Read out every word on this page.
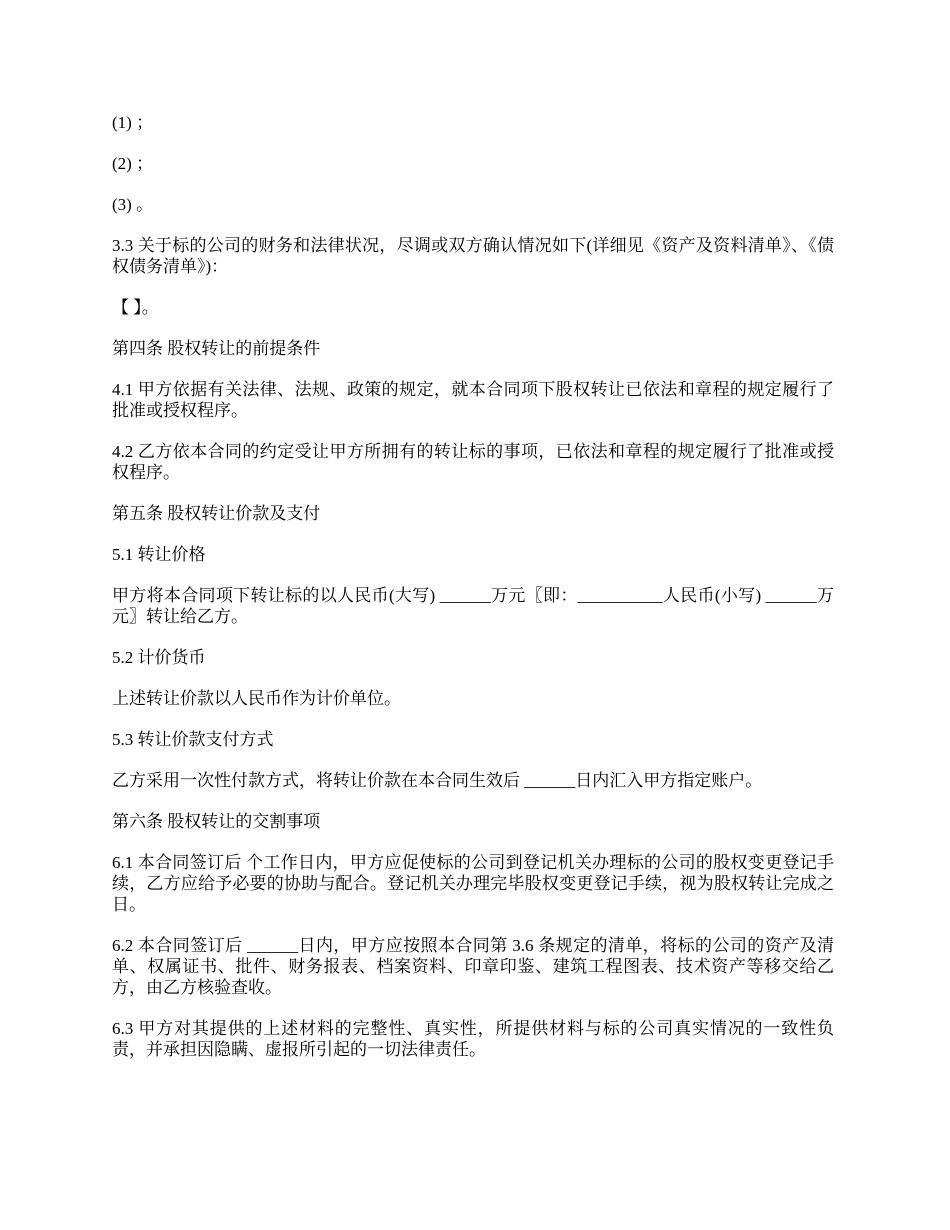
(1) ；

(2) ；

(3) 。

3.3 关于标的公司的财务和法律状况，尽调或双方确认情况如下(详细见《资产及资料清单》、《债权债务清单》)：

【 】。

第四条 股权转让的前提条件

4.1 甲方依据有关法律、法规、政策的规定，就本合同项下股权转让已依法和章程的规定履行了批准或授权程序。

4.2 乙方依本合同的约定受让甲方所拥有的转让标的事项，已依法和章程的规定履行了批准或授权程序。

第五条 股权转让价款及支付

5.1 转让价格

甲方将本合同项下转让标的以人民币(大写) ______万元〖即：__________人民币(小写) ______万元〗转让给乙方。

5.2 计价货币

上述转让价款以人民币作为计价单位。

5.3 转让价款支付方式

乙方采用一次性付款方式，将转让价款在本合同生效后 ______日内汇入甲方指定账户。

第六条 股权转让的交割事项

6.1 本合同签订后 个工作日内，甲方应促使标的公司到登记机关办理标的公司的股权变更登记手续，乙方应给予必要的协助与配合。登记机关办理完毕股权变更登记手续，视为股权转让完成之日。

6.2 本合同签订后 ______日内，甲方应按照本合同第 3.6 条规定的清单，将标的公司的资产及清单、权属证书、批件、财务报表、档案资料、印章印鉴、建筑工程图表、技术资产等移交给乙方，由乙方核验查收。

6.3 甲方对其提供的上述材料的完整性、真实性，所提供材料与标的公司真实情况的一致性负责，并承担因隐瞒、虚报所引起的一切法律责任。
